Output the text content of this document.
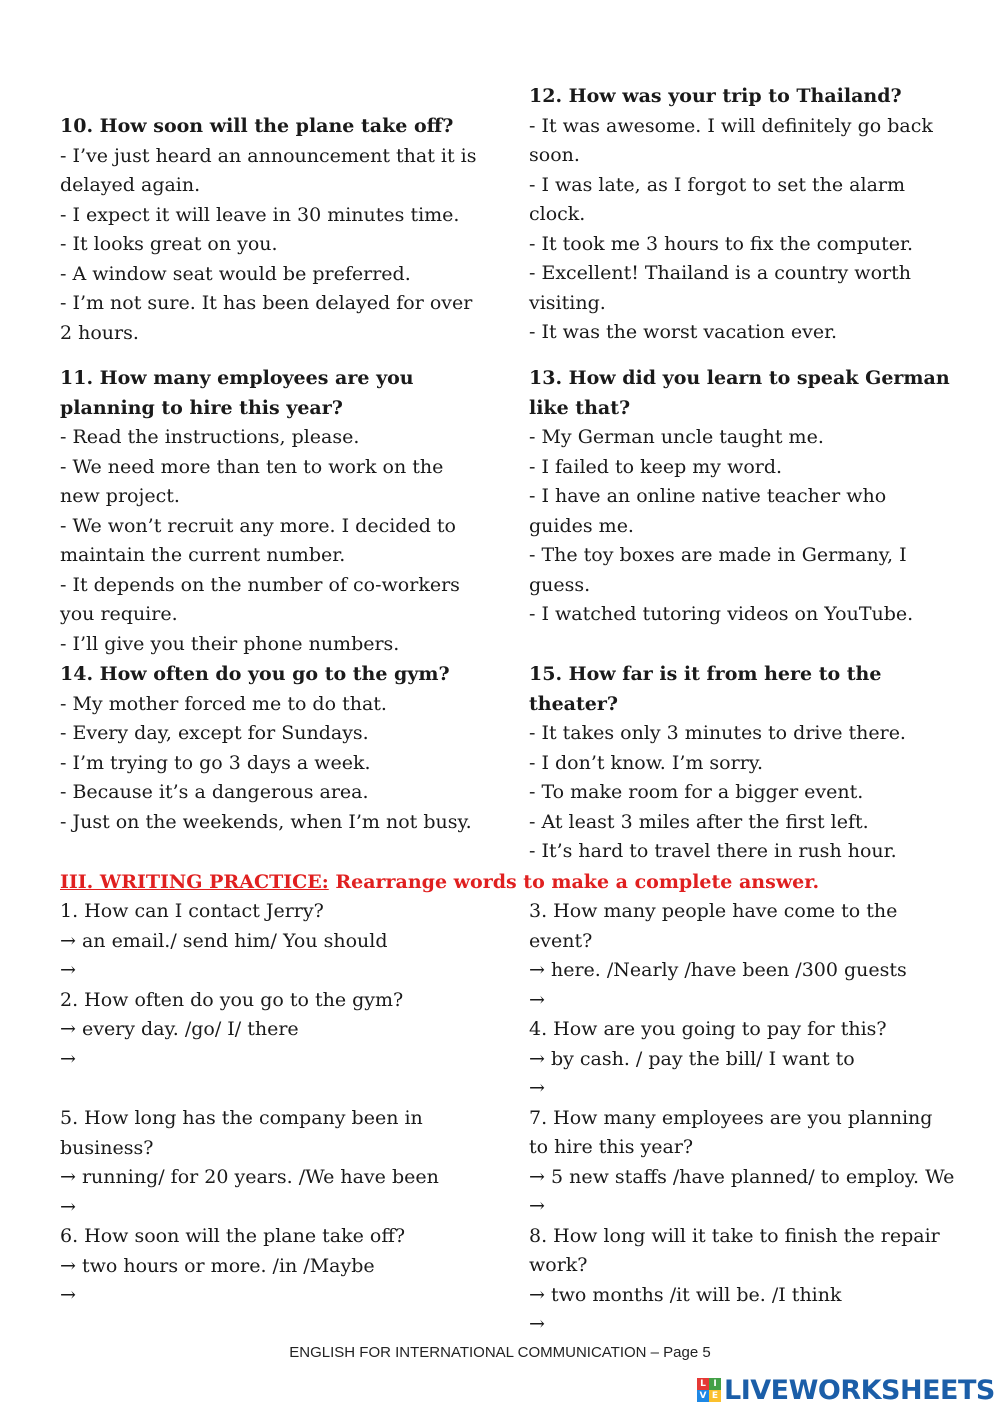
10. How soon will the plane take off?
- I’ve just heard an announcement that it is
delayed again.
- I expect it will leave in 30 minutes time.
- It looks great on you.
- A window seat would be preferred.
- I’m not sure. It has been delayed for over
2 hours.
11. How many employees are you
planning to hire this year?
- Read the instructions, please.
- We need more than ten to work on the
new project.
- We won’t recruit any more. I decided to
maintain the current number.
- It depends on the number of co-workers
you require.
- I’ll give you their phone numbers.
14. How often do you go to the gym?
- My mother forced me to do that.
- Every day, except for Sundays.
- I’m trying to go 3 days a week.
- Because it’s a dangerous area.
- Just on the weekends, when I’m not busy.
12. How was your trip to Thailand?
- It was awesome. I will definitely go back
soon.
- I was late, as I forgot to set the alarm
clock.
- It took me 3 hours to fix the computer.
- Excellent! Thailand is a country worth
visiting.
- It was the worst vacation ever.
13. How did you learn to speak German
like that?
- My German uncle taught me.
- I failed to keep my word.
- I have an online native teacher who
guides me.
- The toy boxes are made in Germany, I
guess.
- I watched tutoring videos on YouTube.
15. How far is it from here to the
theater?
- It takes only 3 minutes to drive there.
- I don’t know. I’m sorry.
- To make room for a bigger event.
- At least 3 miles after the first left.
- It’s hard to travel there in rush hour.
1. How can I contact Jerry?
→ an email./ send him/ You should
→
2. How often do you go to the gym?
→ every day. /go/ I/ there
→
5. How long has the company been in
business?
→ running/ for 20 years. /We have been
→
6. How soon will the plane take off?
→ two hours or more. /in /Maybe
→
3. How many people have come to the
event?
→ here. /Nearly /have been /300 guests
→
4. How are you going to pay for this?
→ by cash. / pay the bill/ I want to
→
7. How many employees are you planning
to hire this year?
→ 5 new staffs /have planned/ to employ. We
→
8. How long will it take to finish the repair
work?
→ two months /it will be. /I think
→
III. WRITING PRACTICE: Rearrange words to make a complete answer.
ENGLISH FOR INTERNATIONAL COMMUNICATION – Page 5
L I
V E LIVEWORKSHEETS
